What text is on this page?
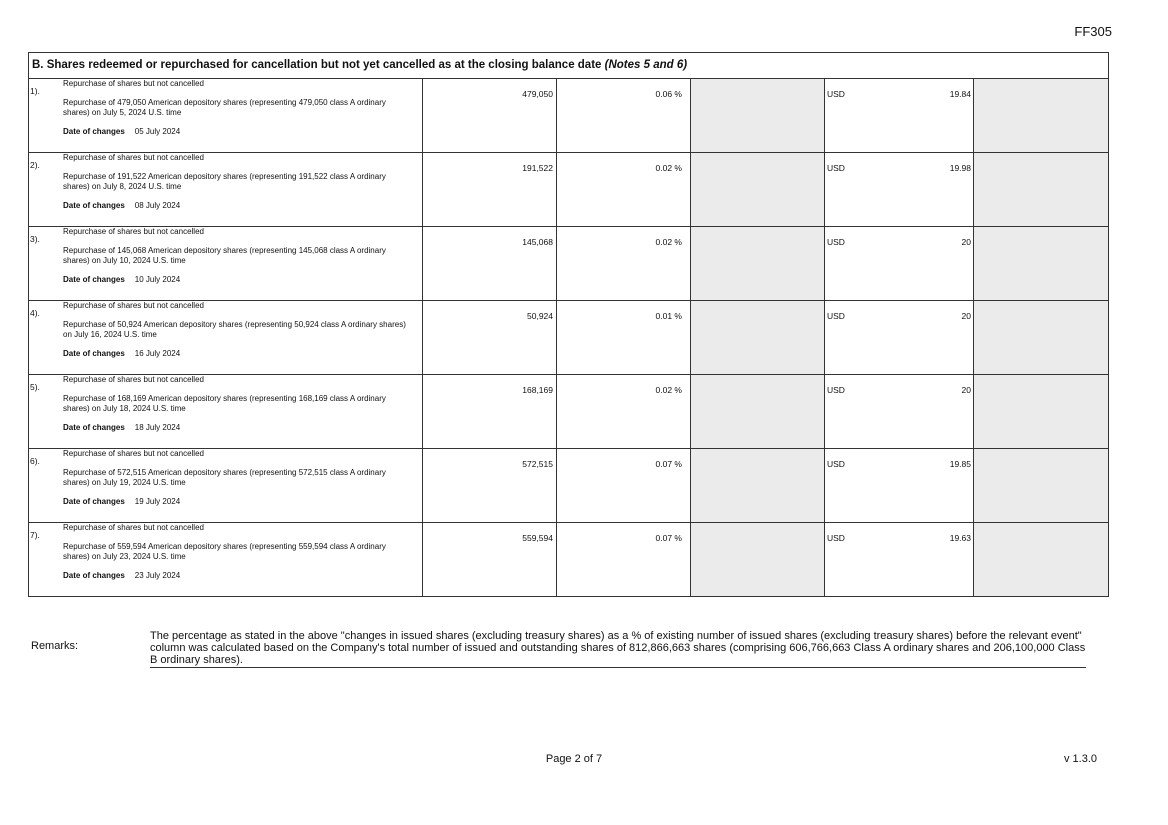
FF305
B. Shares redeemed or repurchased for cancellation but not yet cancelled as at the closing balance date (Notes 5 and 6)
1).
Repurchase of shares but not cancelled
Repurchase of 479,050 American depository shares (representing 479,050 class A ordinary shares) on July 5, 2024 U.S. time
Date of changes 05 July 2024
479,050	0.06 %	USD	19.84
2).
Repurchase of shares but not cancelled
Repurchase of 191,522 American depository shares (representing 191,522 class A ordinary shares) on July 8, 2024 U.S. time
Date of changes 08 July 2024
191,522	0.02 %	USD	19.98
3).
Repurchase of shares but not cancelled
Repurchase of 145,068 American depository shares (representing 145,068 class A ordinary shares) on July 10, 2024 U.S. time
Date of changes 10 July 2024
145,068	0.02 %	USD	20
4).
Repurchase of shares but not cancelled
Repurchase of 50,924 American depository shares (representing 50,924 class A ordinary shares) on July 16, 2024 U.S. time
Date of changes 16 July 2024
50,924	0.01 %	USD	20
5).
Repurchase of shares but not cancelled
Repurchase of 168,169 American depository shares (representing 168,169 class A ordinary shares) on July 18, 2024 U.S. time
Date of changes 18 July 2024
168,169	0.02 %	USD	20
6).
Repurchase of shares but not cancelled
Repurchase of 572,515 American depository shares (representing 572,515 class A ordinary shares) on July 19, 2024 U.S. time
Date of changes 19 July 2024
572,515	0.07 %	USD	19.85
7).
Repurchase of shares but not cancelled
Repurchase of 559,594 American depository shares (representing 559,594 class A ordinary shares) on July 23, 2024 U.S. time
Date of changes 23 July 2024
559,594	0.07 %	USD	19.63
Remarks:
The percentage as stated in the above "changes in issued shares (excluding treasury shares) as a % of existing number of issued shares (excluding treasury shares) before the relevant event" column was calculated based on the Company's total number of issued and outstanding shares of 812,866,663 shares (comprising 606,766,663 Class A ordinary shares and 206,100,000 Class B ordinary shares).
Page 2 of 7	v 1.3.0
